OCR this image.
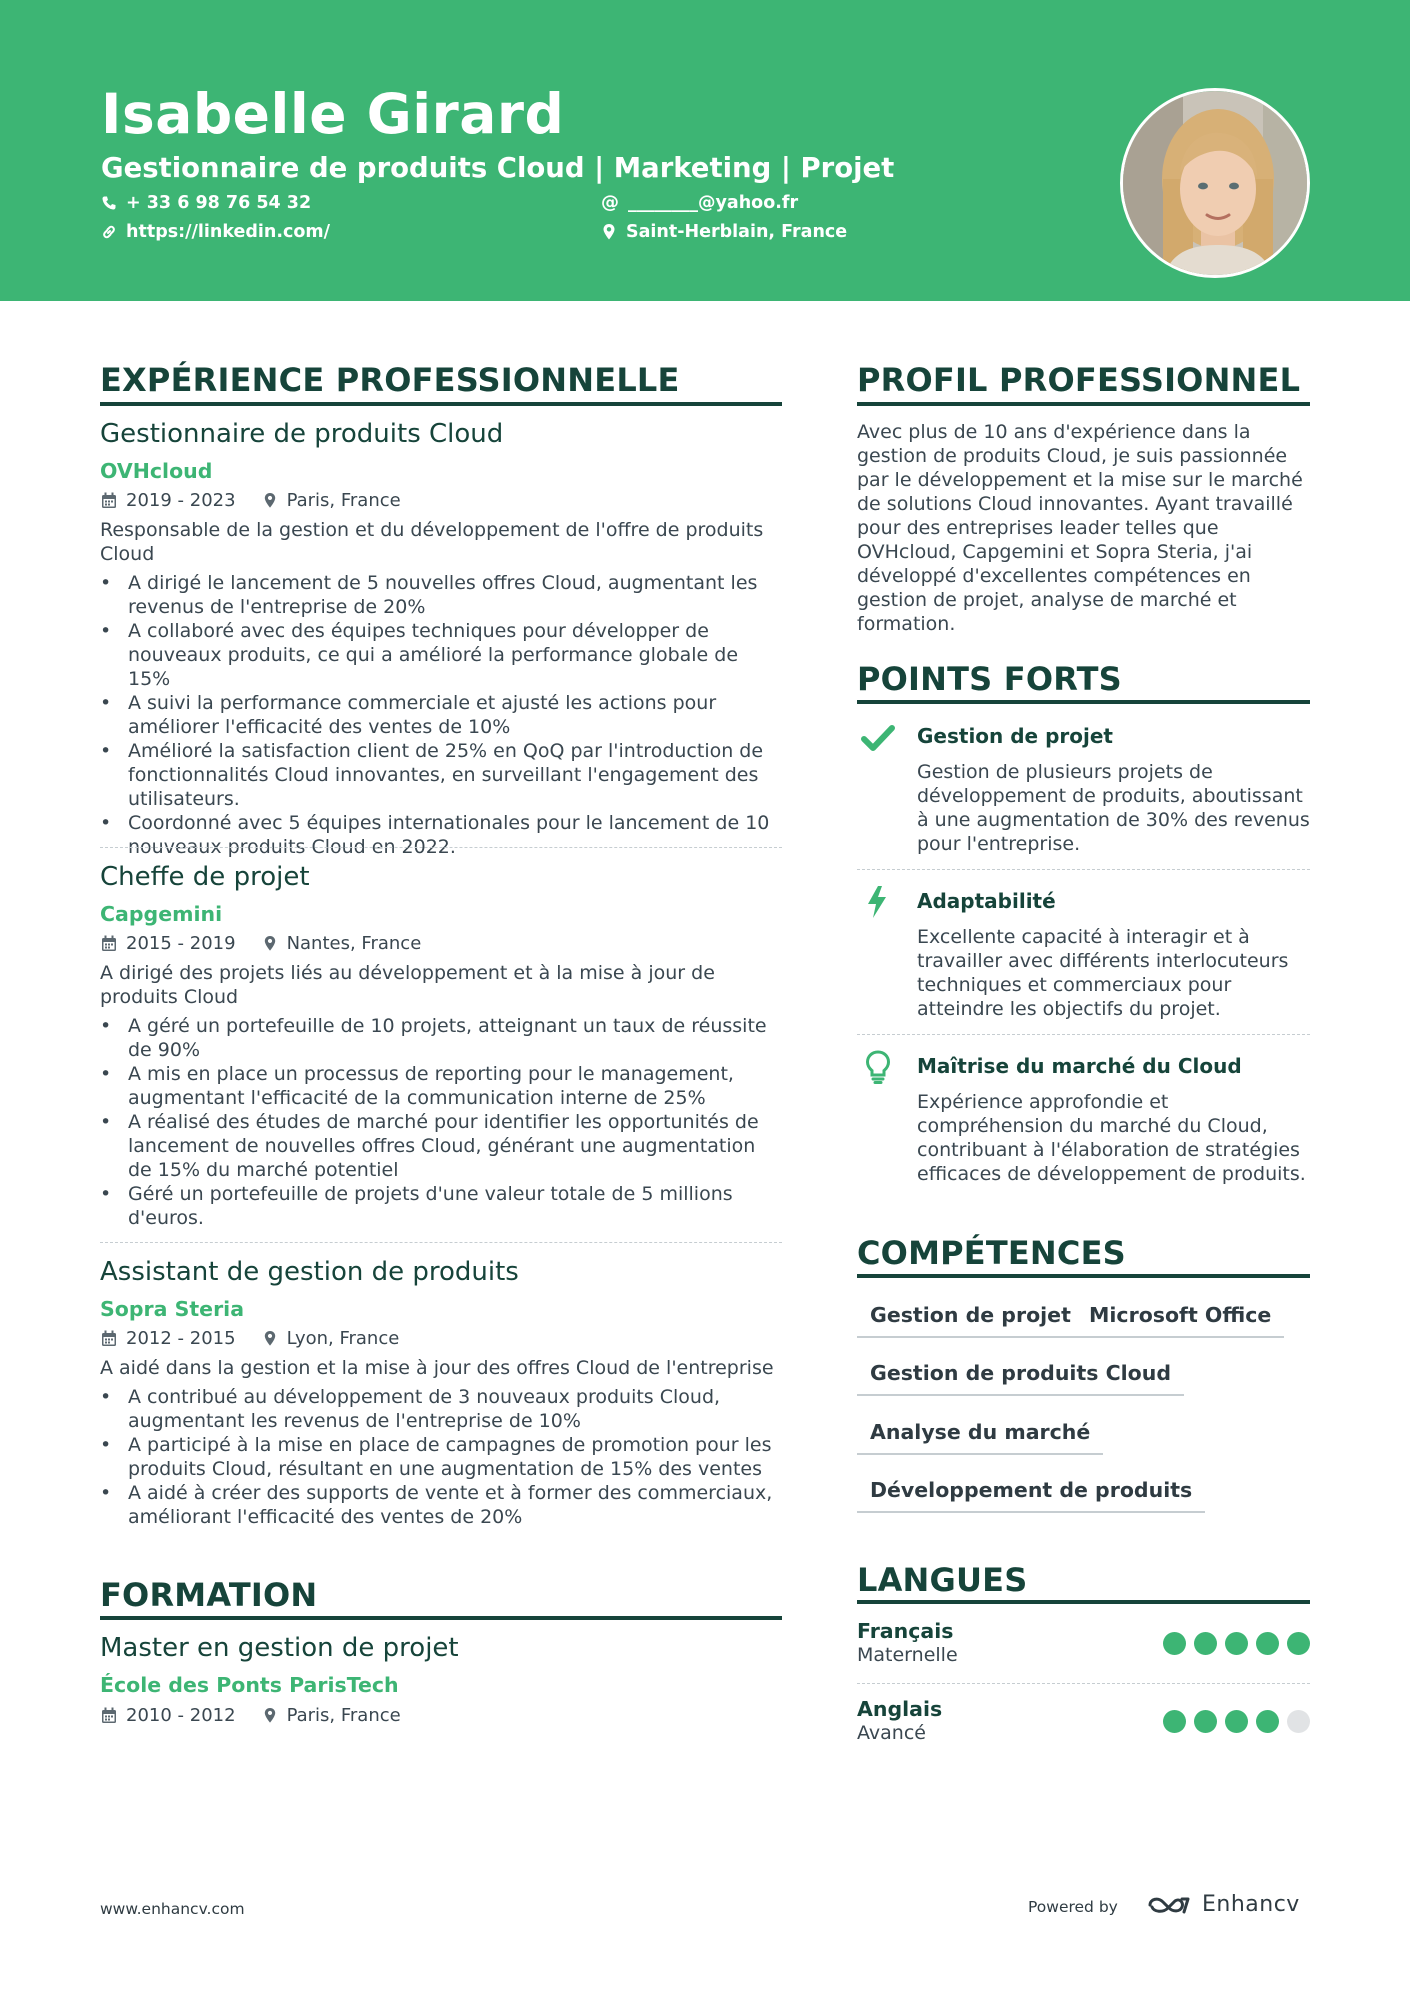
Isabelle Girard
Gestionnaire de produits Cloud | Marketing | Projet
+ 33 6 98 76 54 32	@ ________@yahoo.fr
https://linkedin.com/	Saint-Herblain, France
EXPÉRIENCE PROFESSIONNELLE
Gestionnaire de produits Cloud
OVHcloud
2019 - 2023	Paris, France
Responsable de la gestion et du développement de l'offre de produits Cloud
• A dirigé le lancement de 5 nouvelles offres Cloud, augmentant les revenus de l'entreprise de 20%
• A collaboré avec des équipes techniques pour développer de nouveaux produits, ce qui a amélioré la performance globale de 15%
• A suivi la performance commerciale et ajusté les actions pour améliorer l'efficacité des ventes de 10%
• Amélioré la satisfaction client de 25% en QoQ par l'introduction de fonctionnalités Cloud innovantes, en surveillant l'engagement des utilisateurs.
• Coordonné avec 5 équipes internationales pour le lancement de 10 nouveaux produits Cloud en 2022.
Cheffe de projet
Capgemini
2015 - 2019	Nantes, France
A dirigé des projets liés au développement et à la mise à jour de produits Cloud
• A géré un portefeuille de 10 projets, atteignant un taux de réussite de 90%
• A mis en place un processus de reporting pour le management, augmentant l'efficacité de la communication interne de 25%
• A réalisé des études de marché pour identifier les opportunités de lancement de nouvelles offres Cloud, générant une augmentation de 15% du marché potentiel
• Géré un portefeuille de projets d'une valeur totale de 5 millions d'euros.
Assistant de gestion de produits
Sopra Steria
2012 - 2015	Lyon, France
A aidé dans la gestion et la mise à jour des offres Cloud de l'entreprise
• A contribué au développement de 3 nouveaux produits Cloud, augmentant les revenus de l'entreprise de 10%
• A participé à la mise en place de campagnes de promotion pour les produits Cloud, résultant en une augmentation de 15% des ventes
• A aidé à créer des supports de vente et à former des commerciaux, améliorant l'efficacité des ventes de 20%
FORMATION
Master en gestion de projet
École des Ponts ParisTech
2010 - 2012	Paris, France
PROFIL PROFESSIONNEL
Avec plus de 10 ans d'expérience dans la gestion de produits Cloud, je suis passionnée par le développement et la mise sur le marché de solutions Cloud innovantes. Ayant travaillé pour des entreprises leader telles que OVHcloud, Capgemini et Sopra Steria, j'ai développé d'excellentes compétences en gestion de projet, analyse de marché et formation.
POINTS FORTS
Gestion de projet
Gestion de plusieurs projets de développement de produits, aboutissant à une augmentation de 30% des revenus pour l'entreprise.
Adaptabilité
Excellente capacité à interagir et à travailler avec différents interlocuteurs techniques et commerciaux pour atteindre les objectifs du projet.
Maîtrise du marché du Cloud
Expérience approfondie et compréhension du marché du Cloud, contribuant à l'élaboration de stratégies efficaces de développement de produits.
COMPÉTENCES
Gestion de projet Microsoft Office
Gestion de produits Cloud
Analyse du marché
Développement de produits
LANGUES
Français
Maternelle
Anglais
Avancé
www.enhancv.com	Powered by	Enhancv
